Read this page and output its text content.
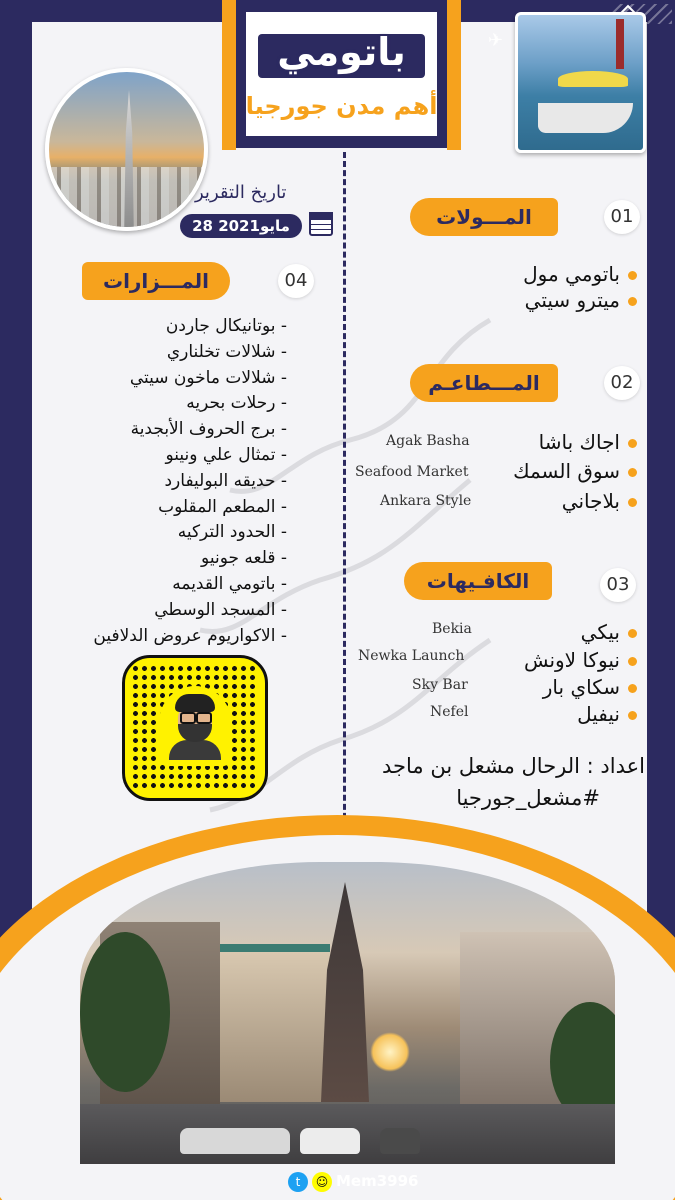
✈
باتومي
أهم مدن جورجيا
تاريخ التقرير
28 مايو2021	المـــولات	01
باتومي مول
ميترو سيتي
المـــطاعـم	02
اجاك باشا
Agak Basha
سوق السمك
Seafood Market
بلاجاني
Ankara Style
الكافـيهات	03
بيكي
Bekia
نيوكا لاونش
Newka Launch
سكاي بار
Sky Bar
نيفيل
Nefel
المـــزارات	04
- بوتانيكال جاردن
- شلالات تخلناري
- شلالات ماخون سيتي
- رحلات بحريه
- برج الحروف الأبجدية
- تمثال علي ونينو
- حديقه البوليفارد
- المطعم المقلوب
- الحدود التركيه
- قلعه جونيو
- باتومي القديمه
- المسجد الوسطي
- الاكواريوم عروض الدلافين
اعداد : الرحال مشعل بن ماجد
#مشعل_جورجيا
t	☺ Mem3996
